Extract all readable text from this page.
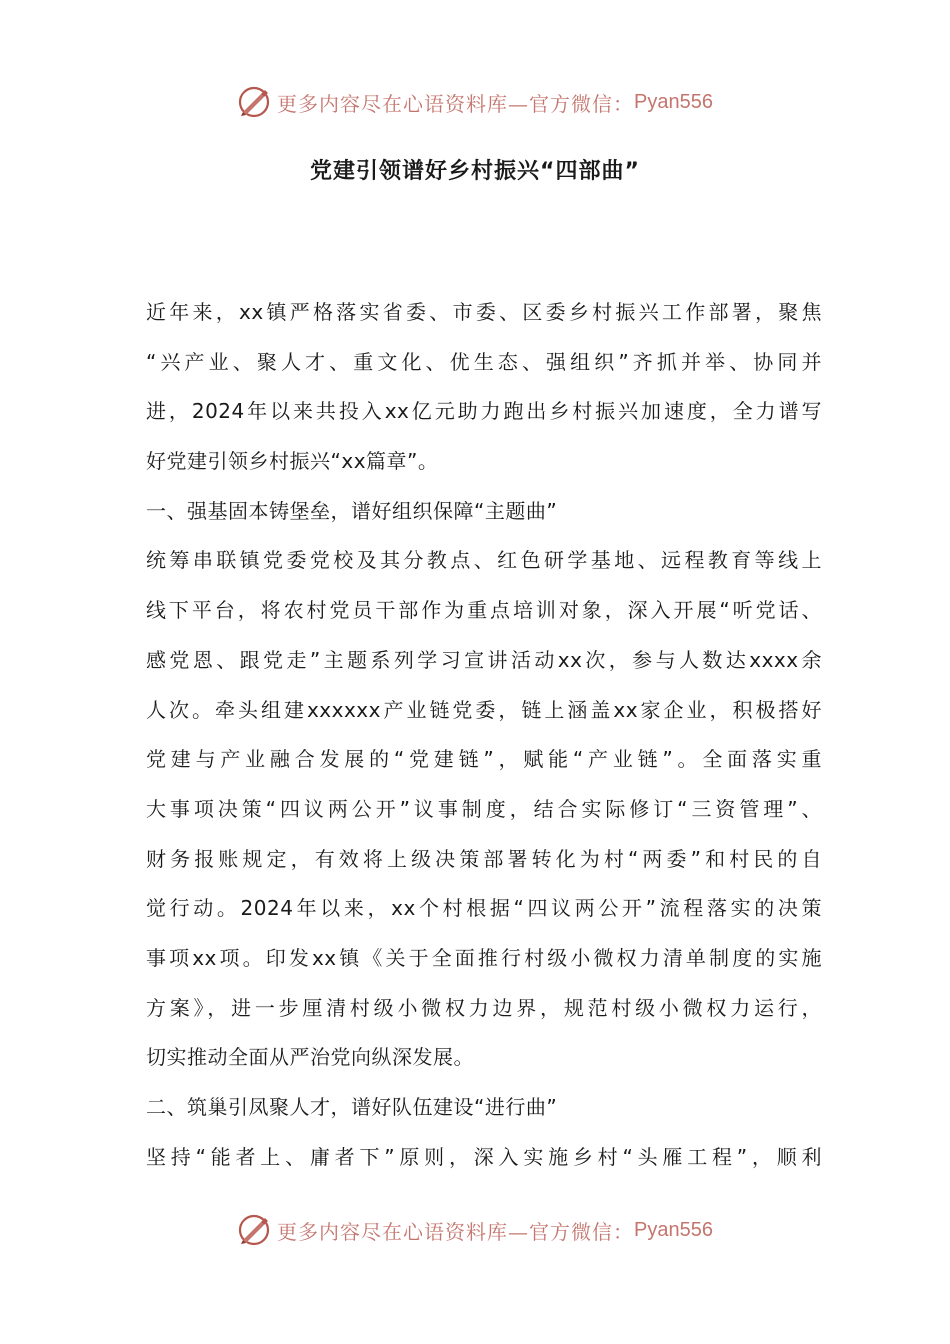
更多内容尽在心语资料库—官方微信： Pyan556
党建引领谱好乡村振兴“四部曲”
近年来，xx镇严格落实省委、市委、区委乡村振兴工作部署，聚焦
“兴产业、聚人才、重文化、优生态、强组织”齐抓并举、协同并
进，2024年以来共投入xx亿元助力跑出乡村振兴加速度，全力谱写
好党建引领乡村振兴“xx篇章”。
一、强基固本铸堡垒，谱好组织保障“主题曲”
统筹串联镇党委党校及其分教点、红色研学基地、远程教育等线上
线下平台，将农村党员干部作为重点培训对象，深入开展“听党话、
感党恩、跟党走”主题系列学习宣讲活动xx次，参与人数达xxxx余
人次。牵头组建xxxxxx产业链党委，链上涵盖xx家企业，积极搭好
党建与产业融合发展的“党建链”，赋能“产业链”。全面落实重
大事项决策“四议两公开”议事制度，结合实际修订“三资管理”、
财务报账规定，有效将上级决策部署转化为村“两委”和村民的自
觉行动。2024年以来，xx个村根据“四议两公开”流程落实的决策
事项xx项。印发xx镇《关于全面推行村级小微权力清单制度的实施
方案》，进一步厘清村级小微权力边界，规范村级小微权力运行，
切实推动全面从严治党向纵深发展。
二、筑巢引凤聚人才，谱好队伍建设“进行曲”
坚持“能者上、庸者下”原则，深入实施乡村“头雁工程”，顺利
更多内容尽在心语资料库—官方微信： Pyan556
